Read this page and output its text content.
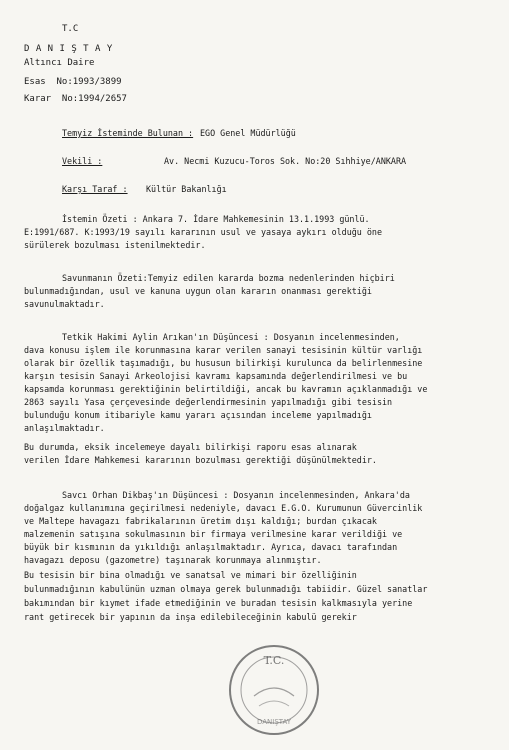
T.C
D A N I Ş T A Y
Altıncı Daire
Esas  No:1993/3899
Karar  No:1994/2657
Temyiz İsteminde Bulunan : EGO Genel Müdürlüğü
Vekili :	Av. Necmi Kuzucu-Toros Sok. No:20 Sıhhiye/ANKARA
Karşı Taraf : Kültür Bakanlığı
İstemin Özeti : Ankara 7. İdare Mahkemesinin 13.1.1993 günlü.
E:1991/687. K:1993/19 sayılı kararının usul ve yasaya aykırı olduğu öne
sürülerek bozulması istenilmektedir.
Savunmanın Özeti:Temyiz edilen kararda bozma nedenlerinden hiçbiri
bulunmadığından, usul ve kanuna uygun olan kararın onanması gerektiği
savunulmaktadır.
Tetkik Hakimi Aylin Arıkan'ın Düşüncesi : Dosyanın incelenmesinden,
dava konusu işlem ile korunmasına karar verilen sanayi tesisinin kültür varlığı
olarak bir özellik taşımadığı, bu hususun bilirkişi kurulunca da belirlenmesine
karşın tesisin Sanayi Arkeolojisi kavramı kapsamında değerlendirilmesi ve bu
kapsamda korunması gerektiğinin belirtildiği, ancak bu kavramın açıklanmadığı ve
2863 sayılı Yasa çerçevesinde değerlendirmesinin yapılmadığı gibi tesisin
bulunduğu konum itibariyle kamu yararı açısından inceleme yapılmadığı
anlaşılmaktadır.
Bu durumda, eksik incelemeye dayalı bilirkişi raporu esas alınarak
verilen İdare Mahkemesi kararının bozulması gerektiği düşünülmektedir.
Savcı Orhan Dikbaş'ın Düşüncesi : Dosyanın incelenmesinden, Ankara'da
doğalgaz kullanımına geçirilmesi nedeniyle, davacı E.G.O. Kurumunun Güvercinlik
ve Maltepe havagazı fabrikalarının üretim dışı kaldığı; burdan çıkacak
malzemenin satışına sokulmasının bir firmaya verilmesine karar verildiği ve
büyük bir kısmının da yıkıldığı anlaşılmaktadır. Ayrıca, davacı tarafından
havagazı deposu (gazometre) taşınarak korunmaya alınmıştır.
Bu tesisin bir bina olmadığı ve sanatsal ve mimari bir özelliğinin
bulunmadığının kabulünün uzman olmaya gerek bulunmadığı tabiidir. Güzel sanatlar
bakımından bir kıymet ifade etmediğinin ve buradan tesisin kalkmasıyla yerine
rant getirecek bir yapının da inşa edilebileceğinin kabulü gerekir
T.C.
DANIŞTAY
